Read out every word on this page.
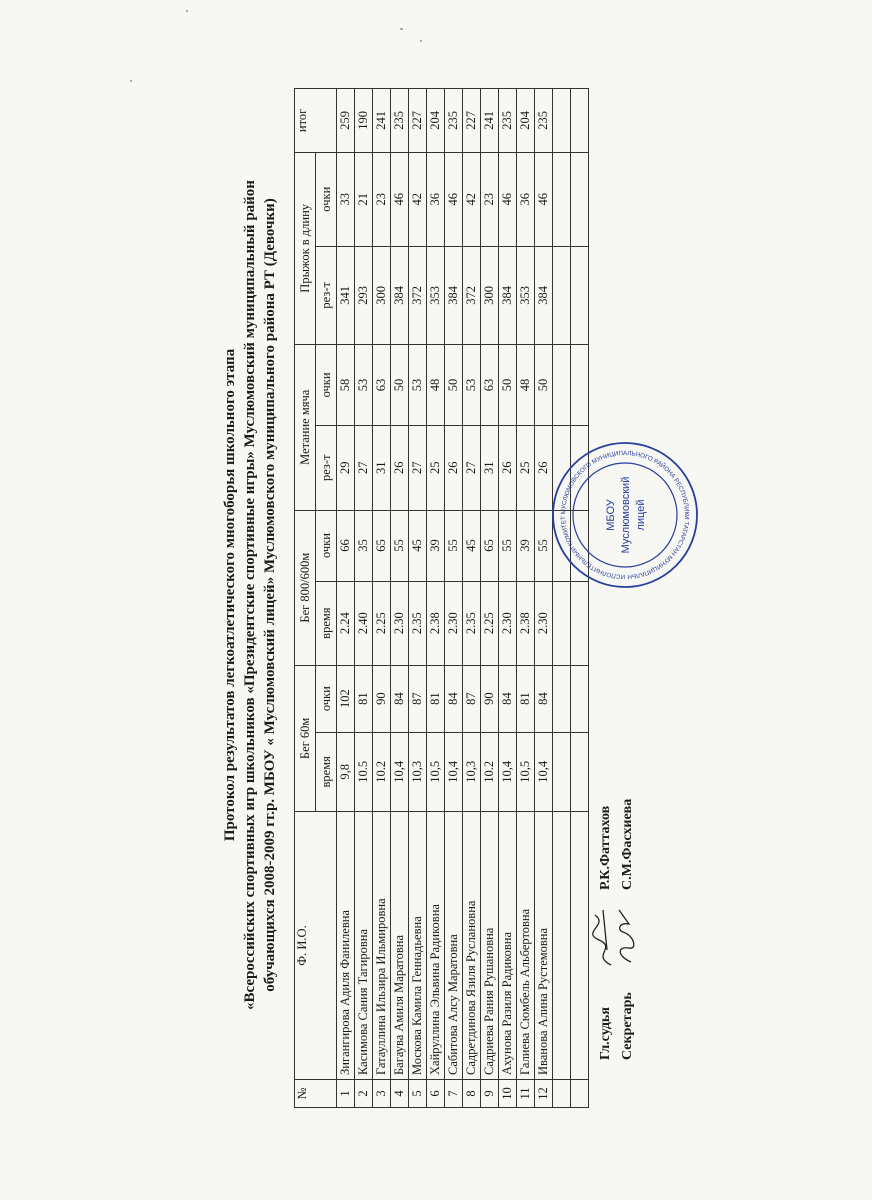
Протокол результатов легкоатлетического многоборья школьного этапа «Всероссийских спортивных игр школьников «Президентские спортивные игры» Муслюмовский муниципальный район обучающихся 2008-2009 гг.р. МБОУ « Муслюмовский лицей» Муслюмовского муниципального района РТ (Девочки)
№	Ф. И.О.	Бег 60м		Бег 800/600м		Метание мяча		Прыжок в длину		итог
		время	очки	время	очки	рез-т	очки	рез-т	очки	
1	Зигангирова Адиля Фанилевна	9,8	102	2.24	66	29	58	341	33	259
2	Касимова Сания Тагировна	10.5	81	2.40	35	27	53	293	21	190
3	Гатауллина Ильзира Ильмировна	10.2	90	2.25	65	31	63	300	23	241
4	Багаува Амиля Маратовна	10,4	84	2.30	55	26	50	384	46	235
5	Москова Камила Геннадьевна	10,3	87	2.35	45	27	53	372	42	227
6	Хайруллина Эльвина Радиковна	10,5	81	2.38	39	25	48	353	36	204
7	Сабитова Алсу Маратовна	10,4	84	2.30	55	26	50	384	46	235
8	Садретдинова Язиля Руслановна	10,3	87	2.35	45	27	53	372	42	227
9	Садриева Рания Рушановна	10.2	90	2.25	65	31	63	300	23	241
10	Ахунова Разиля Радиковна	10,4	84	2.30	55	26	50	384	46	235
11	Галиева Сюмбель Альбертовна	10,5	81	2.38	39	25	48	353	36	204
12	Иванова Алина Рустемовна	10,4	84	2.30	55	26	50	384	46	235

Гл.судья
Р.К.Фаттахов
Секретарь
С.М.Фасхиева
ИСПОЛНИТЕЛЬНЫЙ КОМИТЕТ МУСЛЮМОВСКОГО МУНИЦИПАЛЬНОГО РАЙОНА РЕСПУБЛИКИ ТАТАРСТАН МУНИЦИПАЛЬН
МБОУ Муслюмовский лицей
